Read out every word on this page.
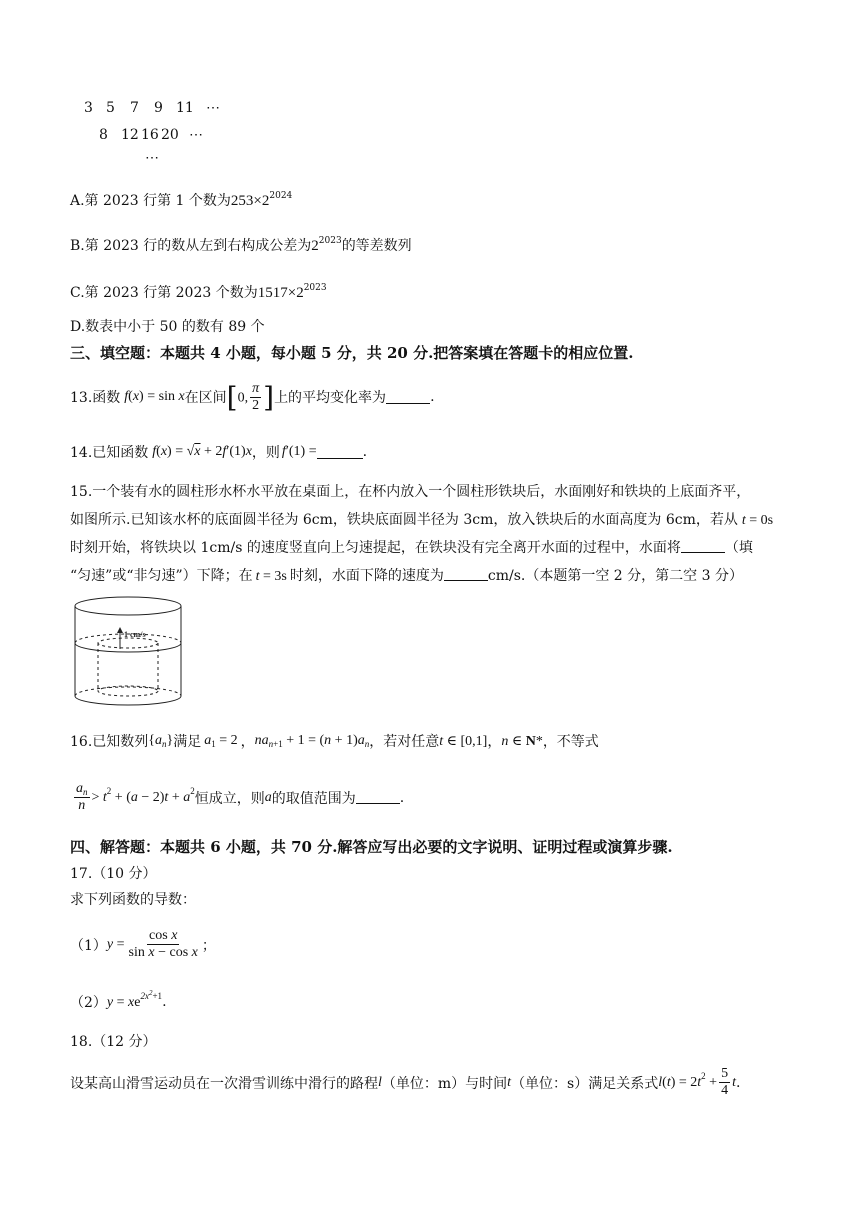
3 5 7 9 11 ⋯
8 12 16 20 ⋯
⋯
A.第 2023 行第 1 个数为$253\times 2^{2024}$
B.第 2023 行的数从左到右构成公差为$2^{2023}$的等差数列
C.第 2023 行第 2023 个数为$1517\times 2^{2023}$
D.数表中小于 50 的数有 89 个
三、填空题：本题共 4 小题，每小题 5 分，共 20 分.把答案填在答题卡的相应位置.
13.函数 f(x) = sin x 在区间 [0, $\frac{\pi}{2}$ ] 上的平均变化率为	.
14.已知函数 f(x) = √x + 2f′(1)x ，则 f′(1) =	.
15.一个装有水的圆柱形水杯水平放在桌面上，在杯内放入一个圆柱形铁块后，水面刚好和铁块的上底面齐平，
如图所示.已知该水杯的底面圆半径为 6cm，铁块底面圆半径为 3cm，放入铁块后的水面高度为 6cm，若从 t = 0s
时刻开始，将铁块以 1cm/s 的速度竖直向上匀速提起，在铁块没有完全离开水面的过程中，水面将	（填
“匀速”或“非匀速”）下降；在 t = 3s 时刻，水面下降的速度为	cm/s.（本题第一空 2 分，第二空 3 分）
1 cm/s
16.已知数列 $\{a_n\}$ 满足 $a_1 = 2$ ， $na_{n+1} + 1 = (n + 1)a_n$ ，若对任意 t ∈ [0,1] ， n ∈ N* ，不等式
$\frac{a_n}{n} > t^2 + (a - 2)t + a^2$ 恒成立，则 a 的取值范围为	.
四、解答题：本题共 6 小题，共 70 分.解答应写出必要的文字说明、证明过程或演算步骤.
17.（10 分）
求下列函数的导数：
（1） $y = \frac{\text{cos x}}{\text{sin x − cos x}}$ ；
（2） $y = xe^{2x^2+1}$ .
18.（12 分）
设某高山滑雪运动员在一次滑雪训练中滑行的路程 l （单位：m）与时间 t （单位：s）满足关系式 $l(t) = 2t^2 + \frac{5}{4}$ t .
